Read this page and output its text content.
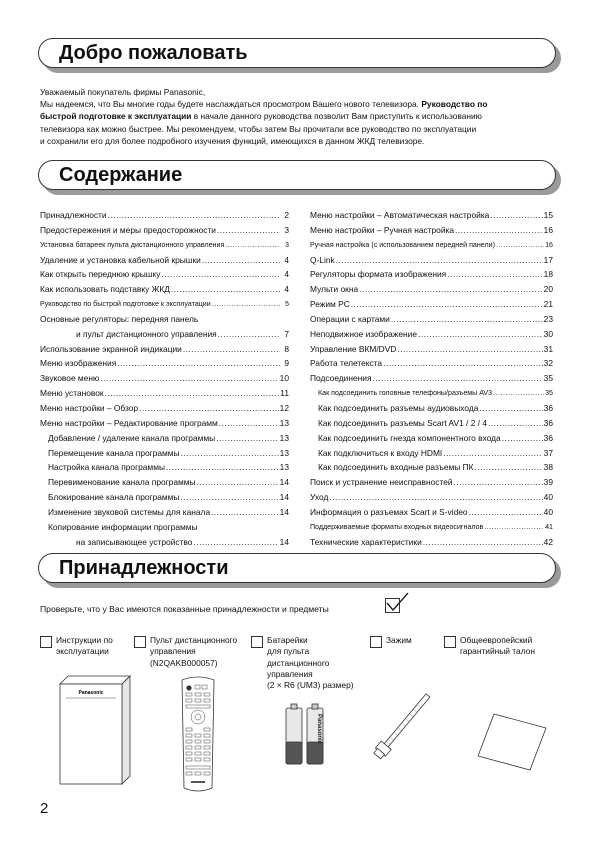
Добро пожаловать

Уважаемый покупатель фирмы Panasonic,

Мы надеемся, что Вы многие годы будете наслаждаться просмотром Вашего нового телевизора. Руководство по

быстрой подготовке к эксплуатации в начале данного руководства позволит Вам приступить к использованию

телевизора как можно быстрее. Мы рекомендуем, чтобы затем Вы прочитали все руководство по эксплуатации

и сохранили его для более подробного изучения функций, имеющихся в данном ЖКД телевизоре.

Содержание
Принадлежности .....	2
Предостережения и меры предосторожности .....	3
Установка батареек пульта дистанционного управления .....	3
Удаление и установка кабельной крышки .....	4
Как открыть переднюю крышку .....	4
Как использовать подставку ЖКД .....	4
Руководство по быстрой подготовке к эксплуатации .....	5
Основные регуляторы: передняя панель
и пульт дистанционного управления .....	7
Использование экранной индикации .....	8
Меню изображения .....	9
Звуковое меню .....	10
Меню установок .....	11
Меню настройки – Обзор .....	12
Меню настройки – Редактирование программ .....	13
Добавление / удаление канала программы .....	13
Перемещение канала программы .....	13
Настройка канала программы .....	13
Перевименование канала программы .....	14
Блокирование канала программы .....	14
Изменение звуковой системы для канала .....	14
Копирование информации программы
на записывающее устройство .....	14
Меню настройки – Автоматическая настройка .....	15
Меню настройки – Ручная настройка .....	16
Ручная настройка (с использованием передней панели) .....	16
Q-Link .....	17
Регуляторы формата изображения .....	18
Мульти окна .....	20
Режим PC .....	21
Операции с картами .....	23
Неподвижное изображение .....	30
Управление ВКМ/DVD .....	31
Работа телетекста .....	32
Подсоединения .....	35
Как подсоединить головные телефоны/разъемы AV3 .....	35
Как подсоединить разъемы аудиовыхода .....	36
Как подсоединить разъемы Scart AV1 / 2 / 4 .....	36
Как подсоединить гнезда компонентного входа .....	36
Как подключиться к входу HDMI .....	37
Как подсоединить входные разъемы ПК .....	38
Поиск и устранение неисправностей .....	39
Уход .....	40
Информация о разъемах Scart и S-video .....	40
Поддерживаемые форматы входных видеосигналов .....	41
Технические характеристики .....	42
Принадлежности
Проверьте, что у Вас имеются показанные принадлежности и предметы
Инструкции по
эксплуатации
Пульт дистанционного
управления
(N2QAKB000057)
Батарейки
для пульта
дистанционного
управления
(2 × R6 (UM3) размер)
Зажим	Общеевропейский
гарантийный талон
Panasonic
Panasonic
2
